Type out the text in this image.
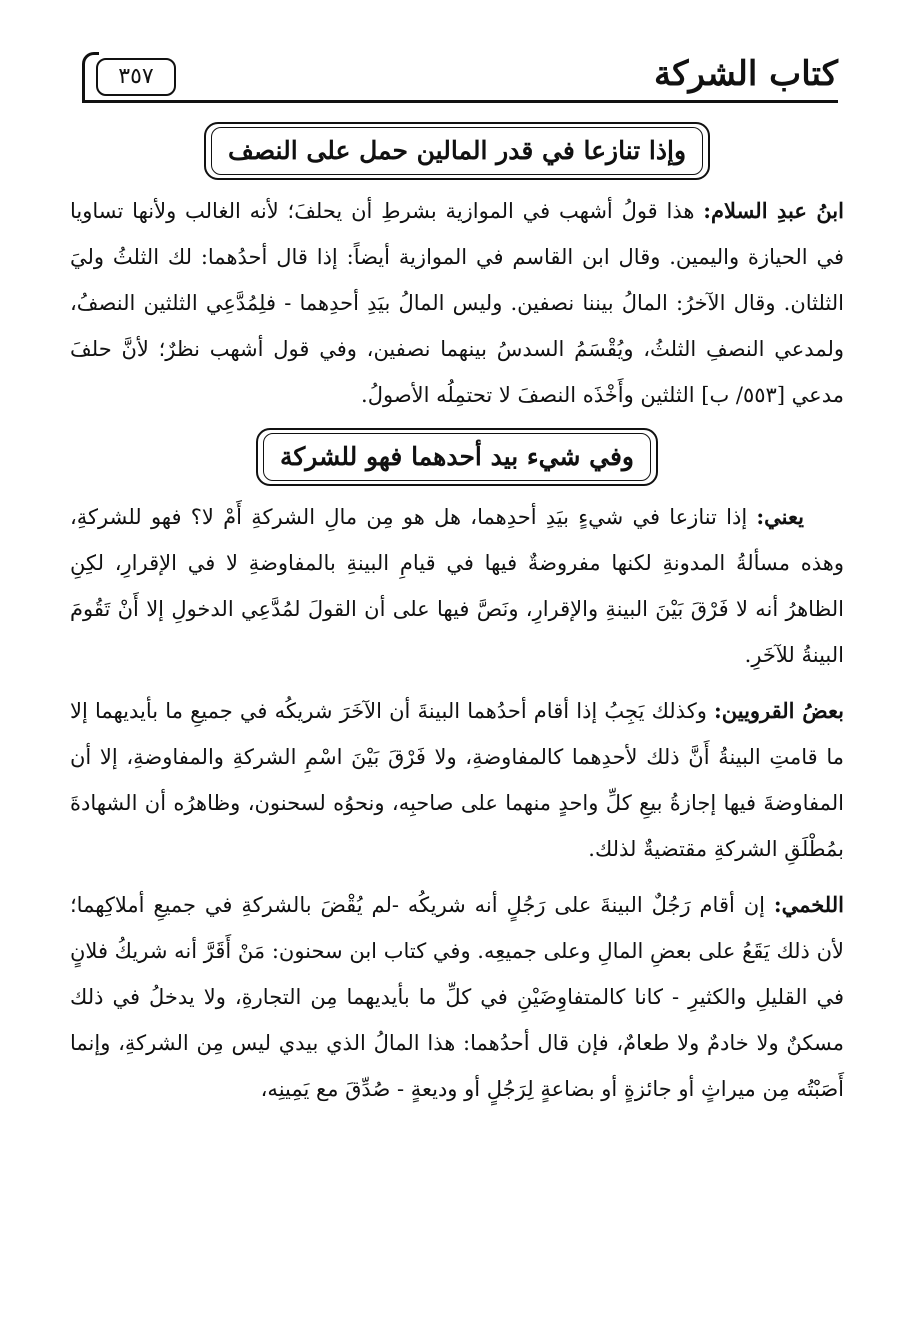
كتاب الشركة
٣٥٧
وإذا تنازعا في قدر المالين حمل على النصف

ابنُ عبدِ السلام: هذا قولُ أشهب في الموازية بشرطِ أن يحلفَ؛ لأنه الغالب ولأنها تساويا في الحيازة واليمين. وقال ابن القاسم في الموازية أيضاً: إذا قال أحدُهما: لك الثلثُ وليَ الثلثان. وقال الآخرُ: المالُ بيننا نصفين. وليس المالُ بيَدِ أحدِهما - فلِمُدَّعِي الثلثين النصفُ، ولمدعي النصفِ الثلثُ، ويُقْسَمُ السدسُ بينهما نصفين، وفي قول أشهب نظرٌ؛ لأنَّ حلفَ مدعي [٥٥٣/ ب] الثلثين وأَخْذَه النصفَ لا تحتمِلُه الأصولُ.

وفي شيء بيد أحدهما فهو للشركة

يعني: إذا تنازعا في شيءٍ بيَدِ أحدِهما، هل هو مِن مالِ الشركةِ أَمْ لا؟ فهو للشركةِ، وهذه مسألةُ المدونةِ لكنها مفروضةٌ فيها في قيامِ البينةِ بالمفاوضةِ لا في الإقرارِ، لكِنِ الظاهرُ أنه لا فَرْقَ بَيْنَ البينةِ والإقرارِ، ونَصَّ فيها على أن القولَ لمُدَّعِي الدخولِ إلا أَنْ تَقُومَ البينةُ للآخَرِ.

بعضُ القرويين: وكذلك يَجِبُ إذا أقام أحدُهما البينةَ أن الآخَرَ شريكُه في جميعِ ما بأيديهما إلا ما قامتِ البينةُ أَنَّ ذلك لأحدِهما كالمفاوضةِ، ولا فَرْقَ بَيْنَ اسْمِ الشركةِ والمفاوضةِ، إلا أن المفاوضةَ فيها إجازةُ بيعِ كلِّ واحدٍ منهما على صاحبِه، ونحوُه لسحنون، وظاهرُه أن الشهادةَ بمُطْلَقِ الشركةِ مقتضيةٌ لذلك.

اللخمي: إن أقام رَجُلٌ البينةَ على رَجُلٍ أنه شريكُه -لم يُقْضَ بالشركةِ في جميعِ أملاكِهما؛ لأن ذلك يَقَعُ على بعضِ المالِ وعلى جميعِه. وفي كتاب ابن سحنون: مَنْ أَقَرَّ أنه شريكُ فلانٍ في القليلِ والكثيرِ - كانا كالمتفاوِضَيْنِ في كلِّ ما بأيديهما مِن التجارةِ، ولا يدخلُ في ذلك مسكنٌ ولا خادمٌ ولا طعامٌ، فإن قال أحدُهما: هذا المالُ الذي بيدي ليس مِن الشركةِ، وإنما أَصَبْتُه مِن ميراثٍ أو جائزةٍ أو بضاعةٍ لِرَجُلٍ أو وديعةٍ - صُدِّقَ مع يَمِينِه،
